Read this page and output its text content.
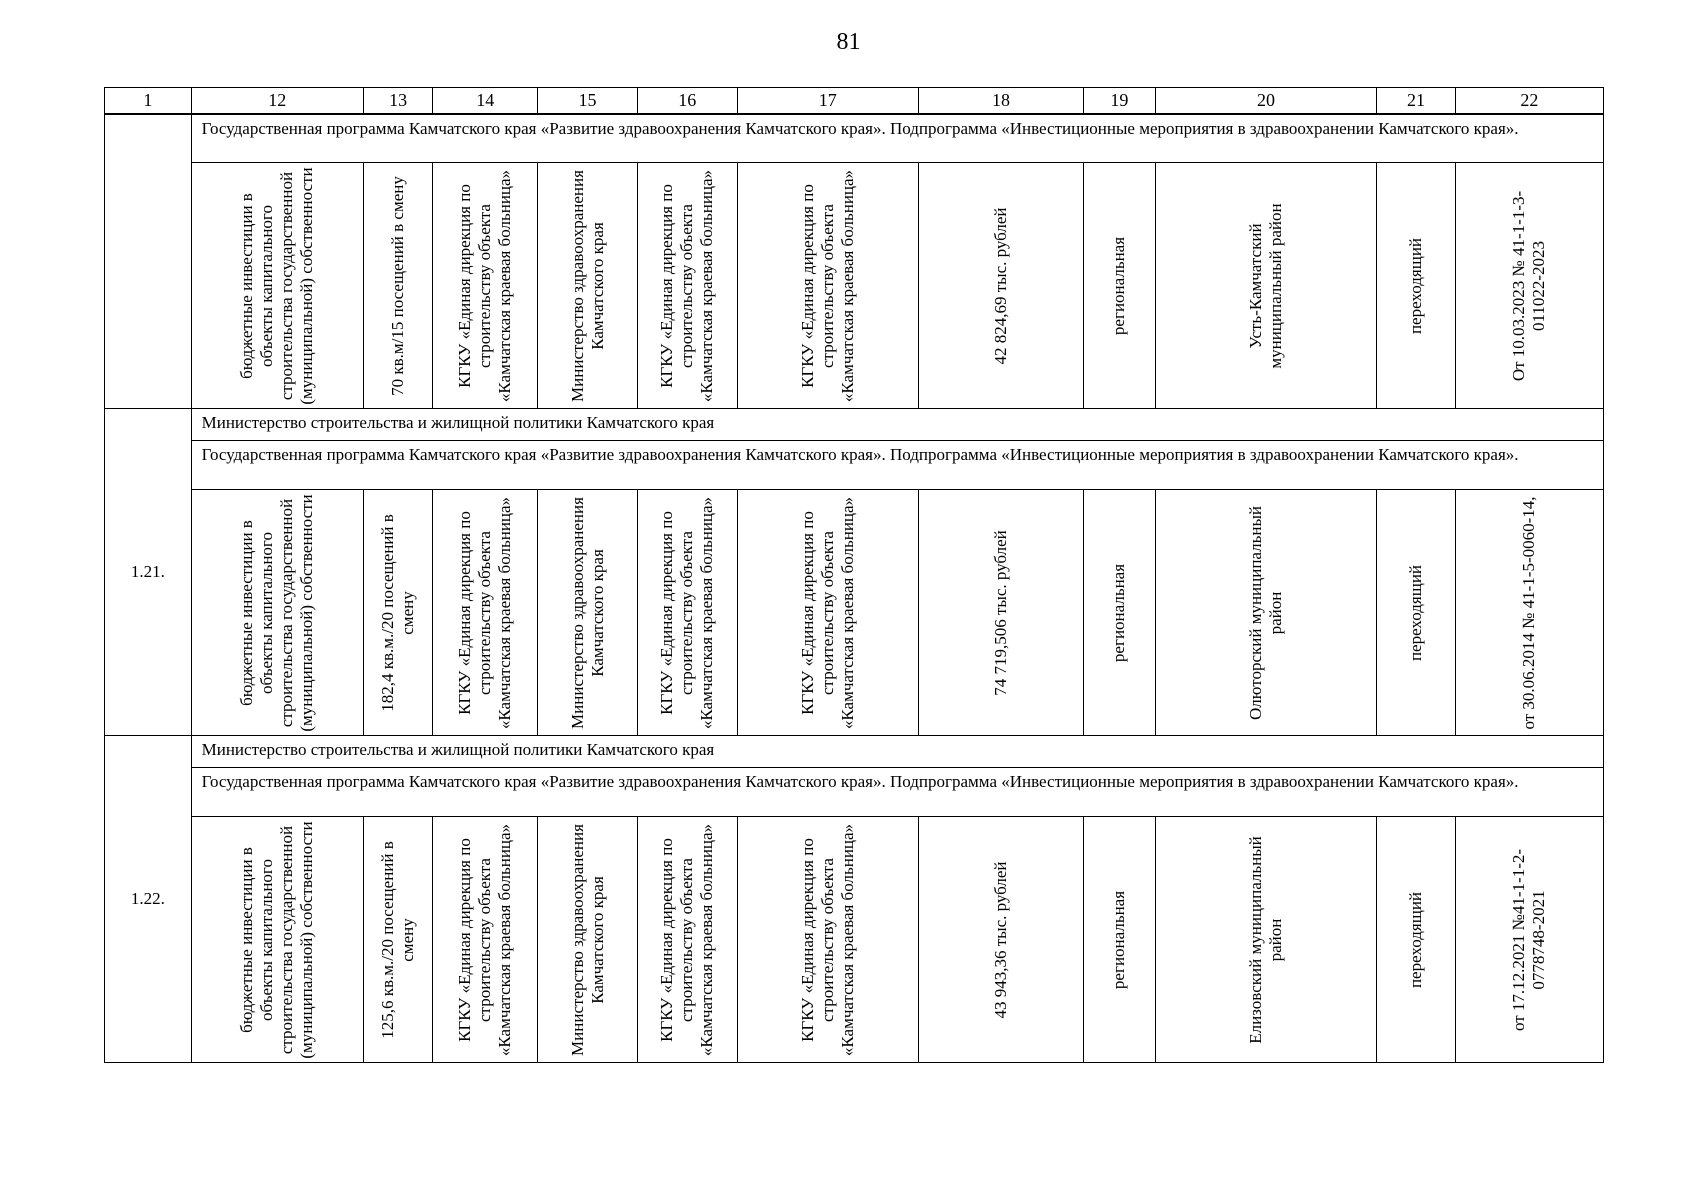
81
1	12	13	14	15	16	17	18	19	20	21	22
	Государственная программа Камчатского края «Развитие здравоохранения Камчатского края». Подпрограмма «Инвестиционные мероприятия в здравоохранении Камчатского края».										

	бюджетные инвестиции в объекты капитального строительства государственной (муниципальной) собственности	70 кв.м/15 посещений в смену	КГКУ «Единая дирекция по строительству объекта «Камчатская краевая больница»	Министерство здравоохранения Камчатского края	КГКУ «Единая дирекция по строительству объекта «Камчатская краевая больница»	КГКУ «Единая дирекция по строительству объекта «Камчатская краевая больница»	42 824,69 тыс. рублей	региональная	Усть-Камчатский муниципальный район	переходящий	От 10.03.2023 № 41-1-1-3-011022-2023

1.21.	Министерство строительства и жилищной политики Камчатского края										
	Государственная программа Камчатского края «Развитие здравоохранения Камчатского края». Подпрограмма «Инвестиционные мероприятия в здравоохранении Камчатского края».										

	бюджетные инвестиции в объекты капитального строительства государственной (муниципальной) собственности	182,4 кв.м./20 посещений в смену	КГКУ «Единая дирекция по строительству объекта «Камчатская краевая больница»	Министерство здравоохранения Камчатского края	КГКУ «Единая дирекция по строительству объекта «Камчатская краевая больница»	КГКУ «Единая дирекция по строительству объекта «Камчатская краевая больница»	74 719,506 тыс. рублей	региональная	Олюторский муниципальный район	переходящий	от 30.06.2014 № 41-1-5-0060-14,

1.22.	Министерство строительства и жилищной политики Камчатского края										
	Государственная программа Камчатского края «Развитие здравоохранения Камчатского края». Подпрограмма «Инвестиционные мероприятия в здравоохранении Камчатского края».										

	бюджетные инвестиции в объекты капитального строительства государственной (муниципальной) собственности	125,6 кв.м./20 посещений в смену	КГКУ «Единая дирекция по строительству объекта «Камчатская краевая больница»	Министерство здравоохранения Камчатского края	КГКУ «Единая дирекция по строительству объекта «Камчатская краевая больница»	КГКУ «Единая дирекция по строительству объекта «Камчатская краевая больница»	43 943,36 тыс. рублей	региональная	Елизовский муниципальный район	переходящий	от 17.12.2021 №41-1-1-2-0778748-2021
